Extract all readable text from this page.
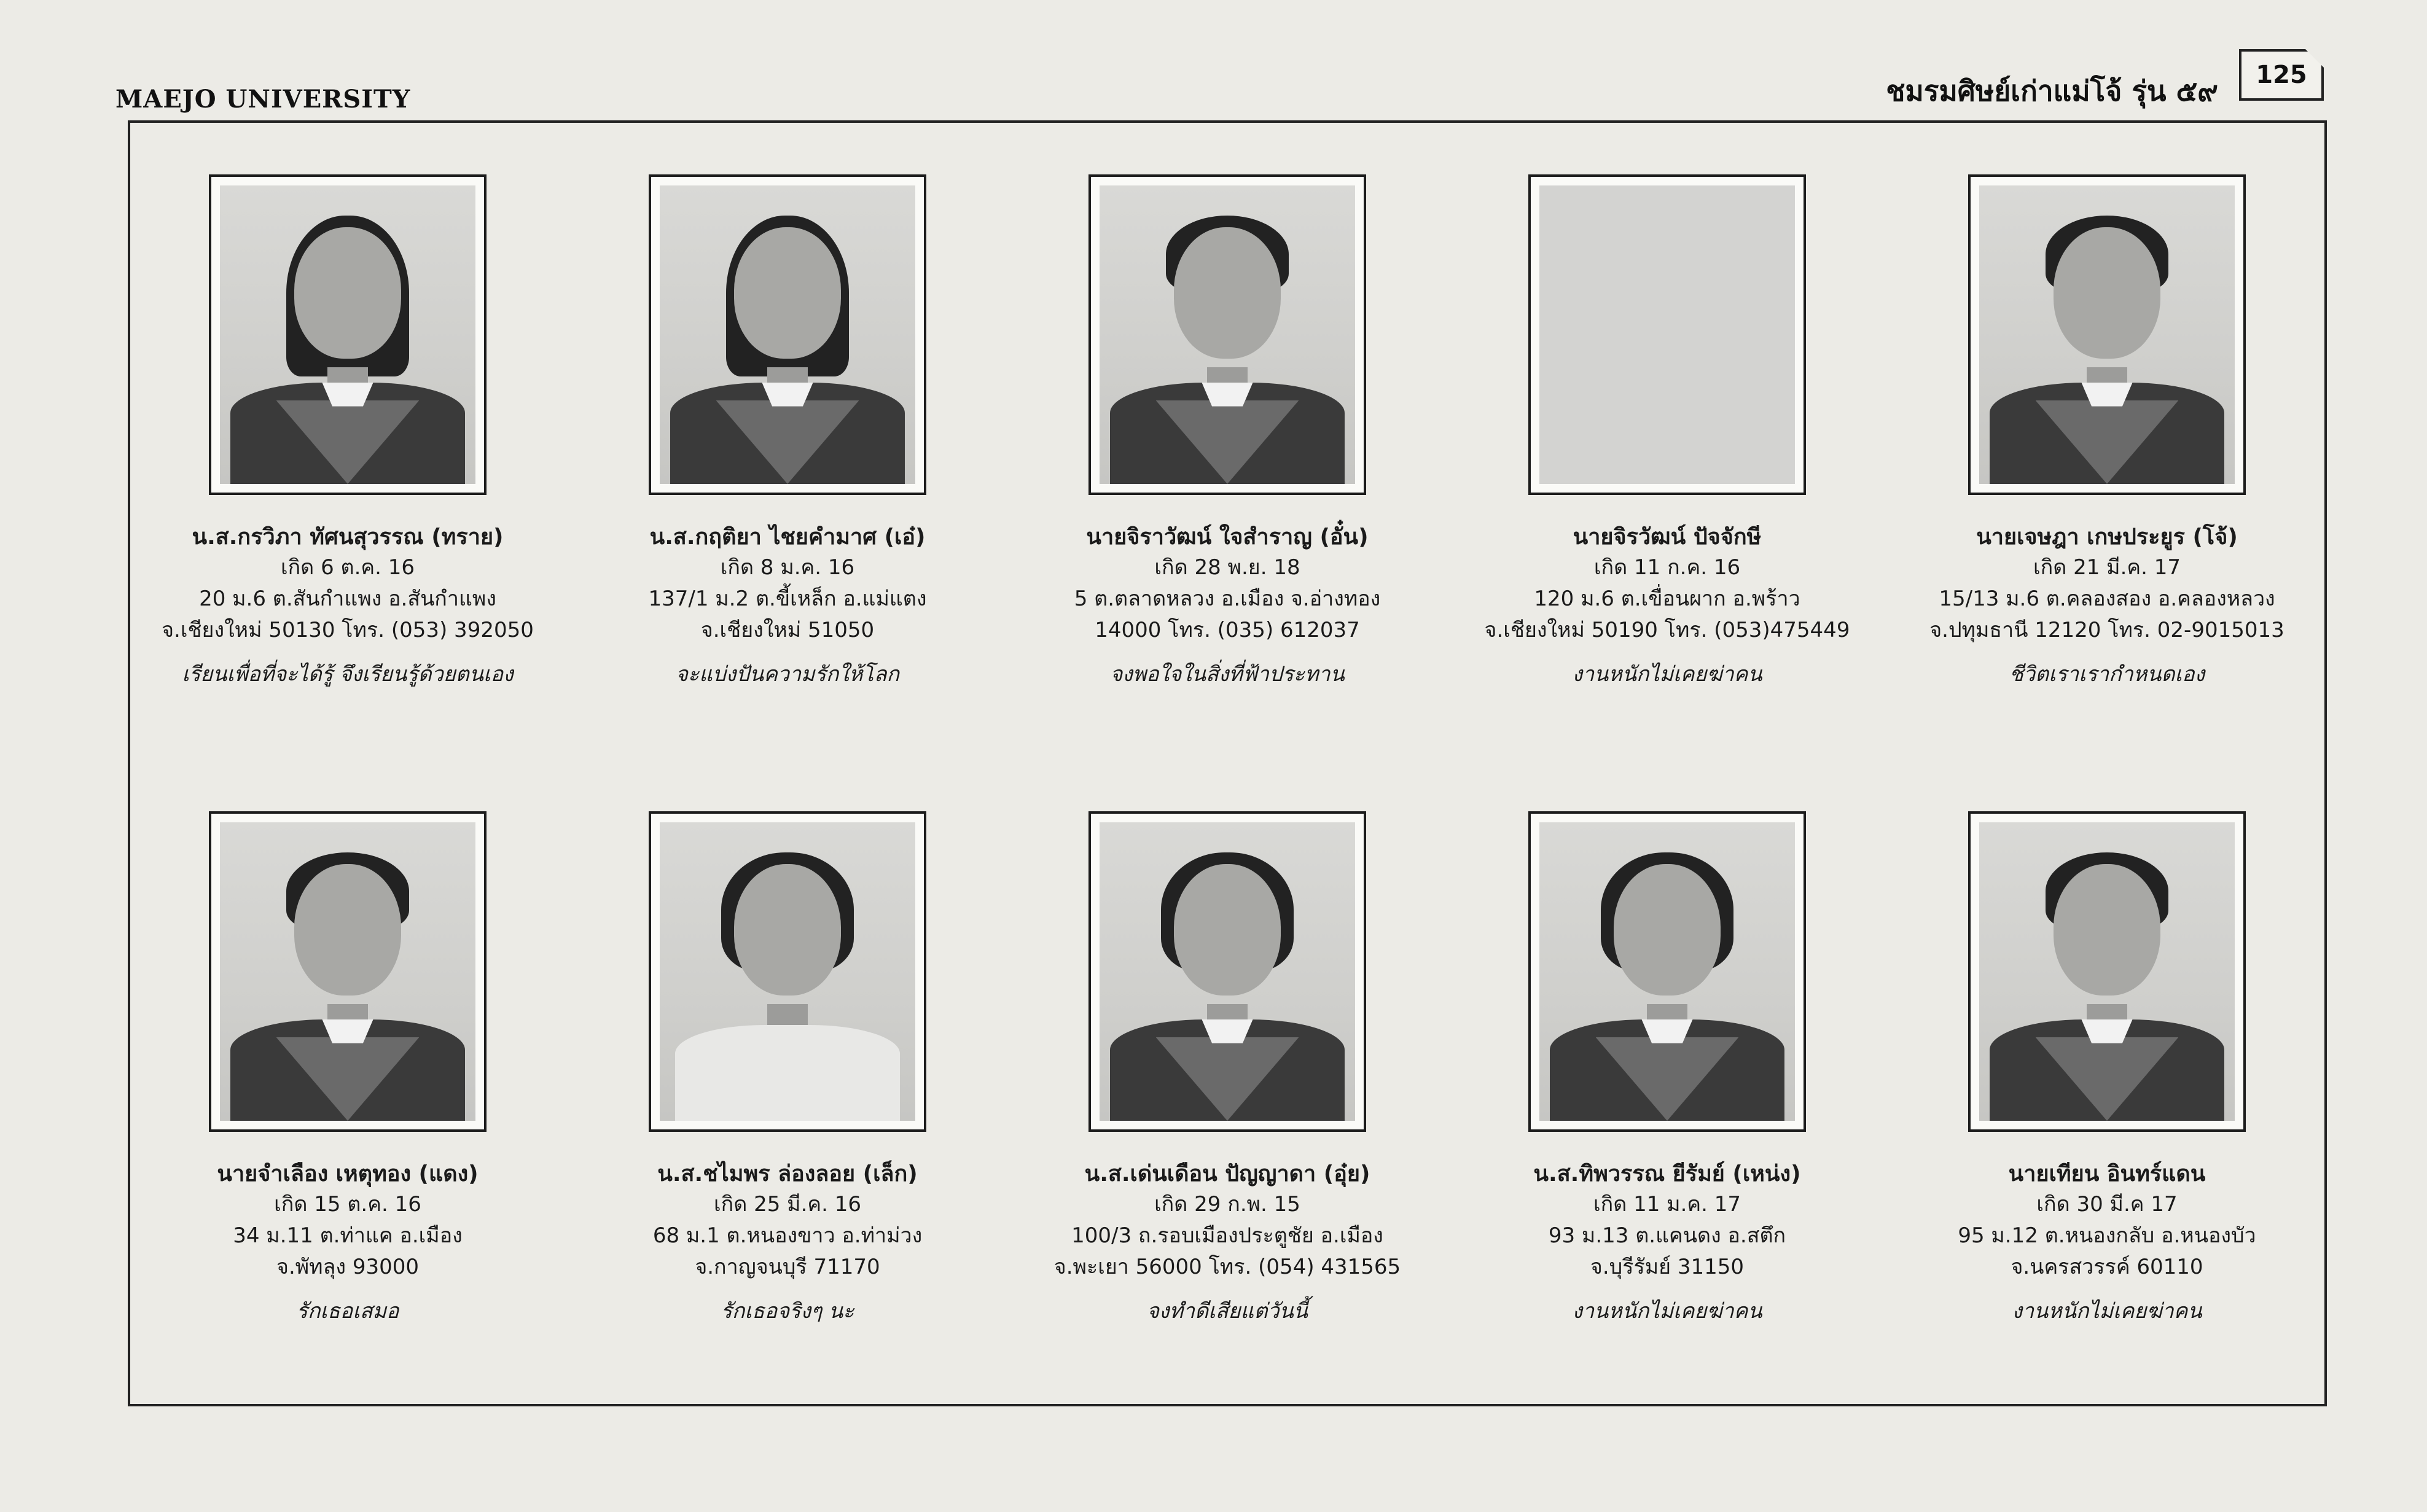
MAEJO UNIVERSITY	ชมรมศิษย์เก่าแม่โจ้ รุ่น ๕๙	125
น.ส.กรวิภา ทัศนสุวรรณ (ทราย)
เกิด 6 ต.ค. 16
20 ม.6 ต.สันกำแพง อ.สันกำแพง
จ.เชียงใหม่ 50130 โทร. (053) 392050
เรียนเพื่อที่จะได้รู้ จึงเรียนรู้ด้วยตนเอง
น.ส.กฤติยา ไชยคำมาศ (เอ๋)
เกิด 8 ม.ค. 16
137/1 ม.2 ต.ขี้เหล็ก อ.แม่แตง
จ.เชียงใหม่ 51050
จะแบ่งปันความรักให้โลก
นายจิราวัฒน์ ใจสำราญ (อั๋น)
เกิด 28 พ.ย. 18
5 ต.ตลาดหลวง อ.เมือง จ.อ่างทอง
14000 โทร. (035) 612037
จงพอใจในสิ่งที่ฟ้าประทาน
นายจิรวัฒน์ ปัจจักษี
เกิด 11 ก.ค. 16
120 ม.6 ต.เขื่อนผาก อ.พร้าว
จ.เชียงใหม่ 50190 โทร. (053)475449
งานหนักไม่เคยฆ่าคน
นายเจษฎา เกษประยูร (โจ้)
เกิด 21 มี.ค. 17
15/13 ม.6 ต.คลองสอง อ.คลองหลวง
จ.ปทุมธานี 12120 โทร. 02-9015013
ชีวิตเราเรากำหนดเอง
นายจำเลือง เหตุทอง (แดง)
เกิด 15 ต.ค. 16
34 ม.11 ต.ท่าแค อ.เมือง
จ.พัทลุง 93000
รักเธอเสมอ
น.ส.ชไมพร ล่องลอย (เล็ก)
เกิด 25 มี.ค. 16
68 ม.1 ต.หนองขาว อ.ท่าม่วง
จ.กาญจนบุรี 71170
รักเธอจริงๆ นะ
น.ส.เด่นเดือน ปัญญาดา (อุ๋ย)
เกิด 29 ก.พ. 15
100/3 ถ.รอบเมืองประตูชัย อ.เมือง
จ.พะเยา 56000 โทร. (054) 431565
จงทำดีเสียแต่วันนี้
น.ส.ทิพวรรณ ยีรัมย์ (เหน่ง)
เกิด 11 ม.ค. 17
93 ม.13 ต.แคนดง อ.สตึก
จ.บุรีรัมย์ 31150
งานหนักไม่เคยฆ่าคน
นายเทียน อินทร์แดน
เกิด 30 มี.ค 17
95 ม.12 ต.หนองกลับ อ.หนองบัว
จ.นครสวรรค์ 60110
งานหนักไม่เคยฆ่าคน
